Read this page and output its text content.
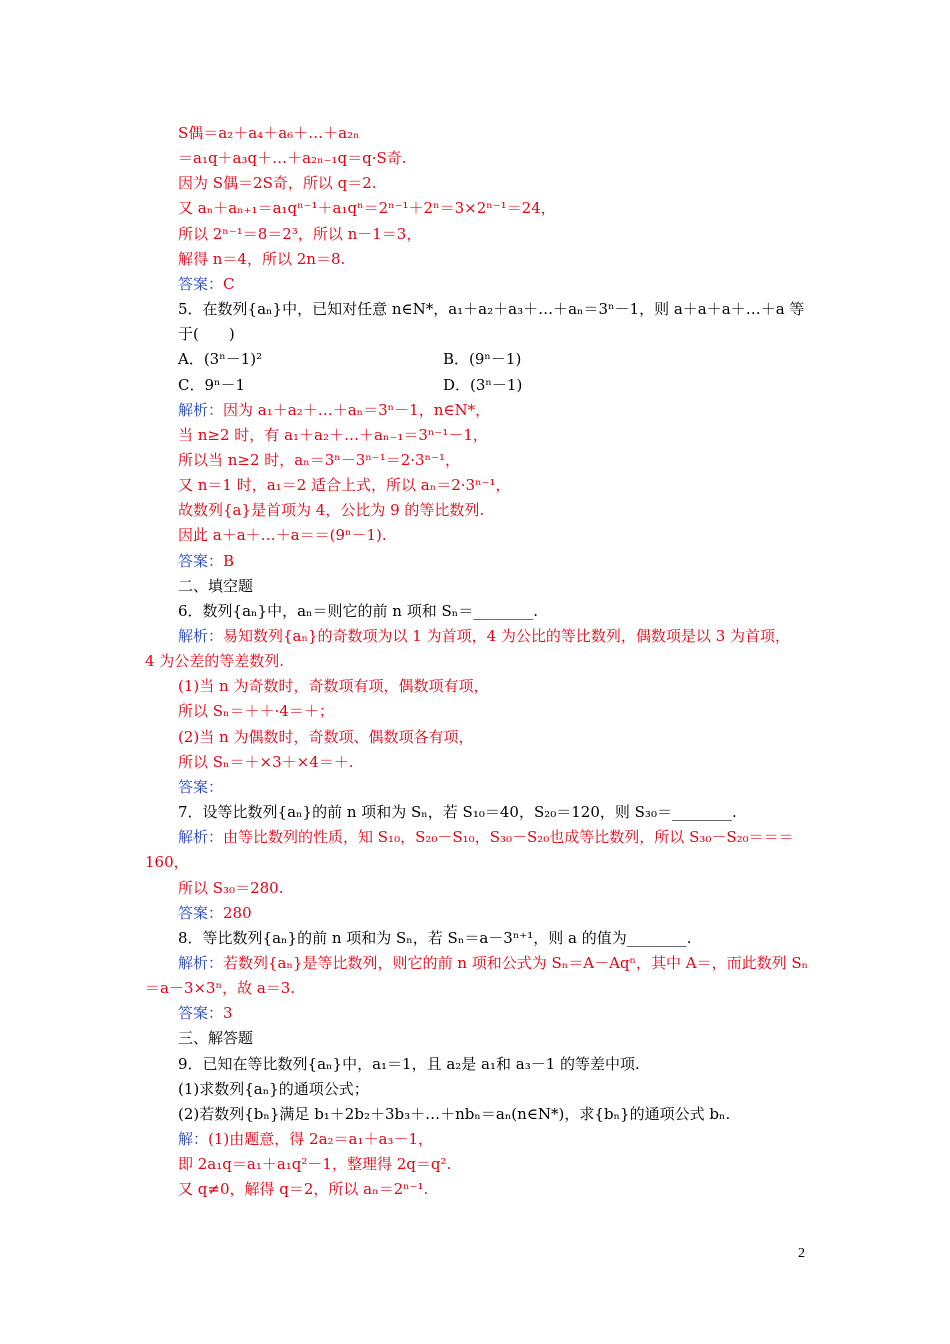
S偶＝a₂＋a₄＋a₆＋…＋a₂ₙ
＝a₁q＋a₃q＋…＋a₂ₙ₋₁q＝q·S奇.
因为 S偶＝2S奇，所以 q＝2.
又 aₙ＋aₙ₊₁＝a₁qⁿ⁻¹＋a₁qⁿ＝2ⁿ⁻¹＋2ⁿ＝3×2ⁿ⁻¹＝24，
所以 2ⁿ⁻¹＝8＝2³，所以 n－1＝3，
解得 n＝4，所以 2n＝8.
答案：C
5．在数列{aₙ}中，已知对任意 n∈N*，a₁＋a₂＋a₃＋…＋aₙ＝3ⁿ－1，则 a＋a＋a＋…＋a 等
于(　　)
A．(3ⁿ－1)²	B．(9ⁿ－1)
C．9ⁿ－1	D．(3ⁿ－1)
解析：因为 a₁＋a₂＋…＋aₙ＝3ⁿ－1，n∈N*，
当 n≥2 时，有 a₁＋a₂＋…＋aₙ₋₁＝3ⁿ⁻¹－1，
所以当 n≥2 时，aₙ＝3ⁿ－3ⁿ⁻¹＝2·3ⁿ⁻¹，
又 n＝1 时，a₁＝2 适合上式，所以 aₙ＝2·3ⁿ⁻¹，
故数列{a}是首项为 4，公比为 9 的等比数列.
因此 a＋a＋…＋a＝＝(9ⁿ－1).
答案：B
二、填空题
6．数列{aₙ}中，aₙ＝则它的前 n 项和 Sₙ＝________.
解析：易知数列{aₙ}的奇数项为以 1 为首项，4 为公比的等比数列，偶数项是以 3 为首项，
4 为公差的等差数列.
(1)当 n 为奇数时，奇数项有项，偶数项有项，
所以 Sₙ＝＋＋·4＝＋；
(2)当 n 为偶数时，奇数项、偶数项各有项，
所以 Sₙ＝＋×3＋×4＝＋.
答案：
7．设等比数列{aₙ}的前 n 项和为 Sₙ，若 S₁₀＝40，S₂₀＝120，则 S₃₀＝________.
解析：由等比数列的性质，知 S₁₀，S₂₀－S₁₀，S₃₀－S₂₀也成等比数列，所以 S₃₀－S₂₀＝＝＝
160，
所以 S₃₀＝280.
答案：280
8．等比数列{aₙ}的前 n 项和为 Sₙ，若 Sₙ＝a－3ⁿ⁺¹，则 a 的值为________.
解析：若数列{aₙ}是等比数列，则它的前 n 项和公式为 Sₙ＝A－Aqⁿ，其中 A＝，而此数列 Sₙ
＝a－3×3ⁿ，故 a＝3.
答案：3
三、解答题
9．已知在等比数列{aₙ}中，a₁＝1，且 a₂是 a₁和 a₃－1 的等差中项.
(1)求数列{aₙ}的通项公式；
(2)若数列{bₙ}满足 b₁＋2b₂＋3b₃＋…＋nbₙ＝aₙ(n∈N*)，求{bₙ}的通项公式 bₙ.
解：(1)由题意，得 2a₂＝a₁＋a₃－1，
即 2a₁q＝a₁＋a₁q²－1，整理得 2q＝q².
又 q≠0，解得 q＝2，所以 aₙ＝2ⁿ⁻¹.
2
